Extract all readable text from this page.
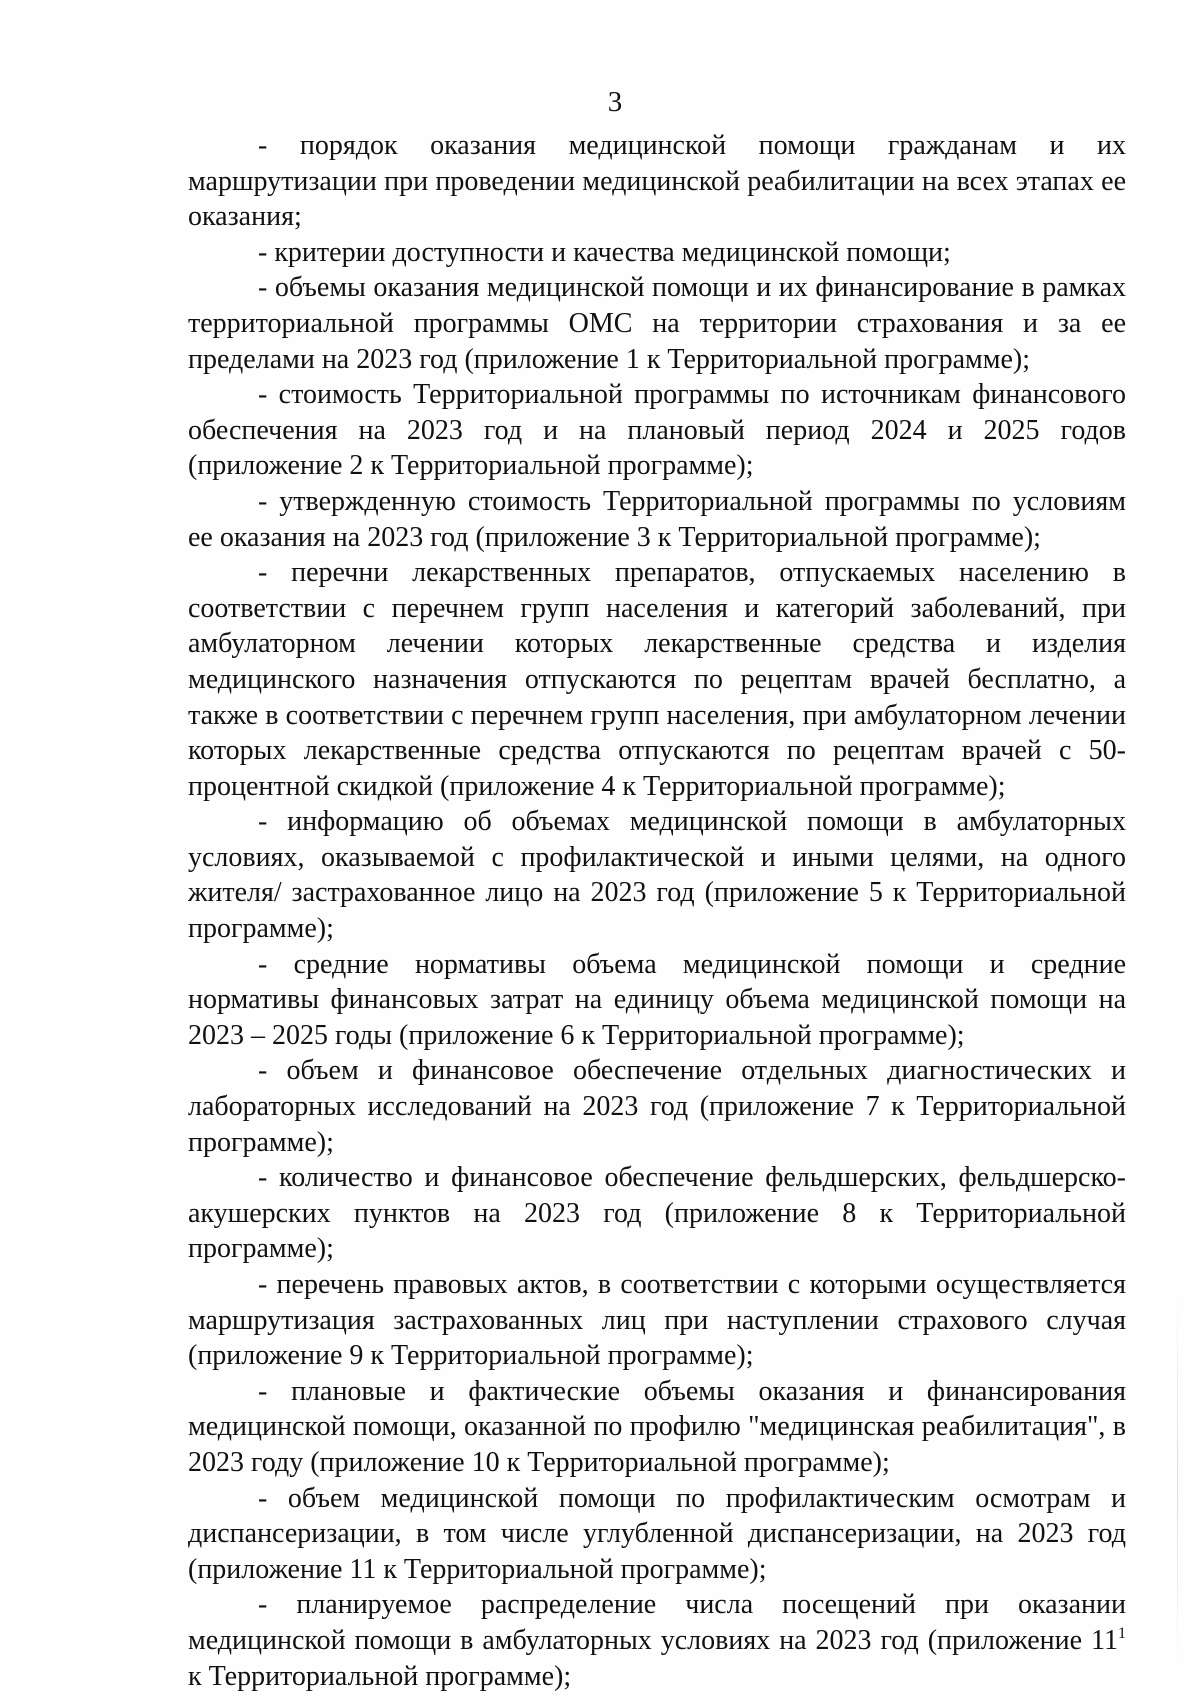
3

- порядок оказания медицинской помощи гражданам и их маршрутизации при проведении медицинской реабилитации на всех этапах ее оказания;

- критерии доступности и качества медицинской помощи;

- объемы оказания медицинской помощи и их финансирование в рамках территориальной программы ОМС на территории страхования и за ее пределами на 2023 год (приложение 1 к Территориальной программе);

- стоимость Территориальной программы по источникам финансового обеспечения на 2023 год и на плановый период 2024 и 2025 годов (приложение 2 к Территориальной программе);

- утвержденную стоимость Территориальной программы по условиям ее оказания на 2023 год (приложение 3 к Территориальной программе);

- перечни лекарственных препаратов, отпускаемых населению в соответствии с перечнем групп населения и категорий заболеваний, при амбулаторном лечении которых лекарственные средства и изделия медицинского назначения отпускаются по рецептам врачей бесплатно, а также в соответствии с перечнем групп населения, при амбулаторном лечении которых лекарственные средства отпускаются по рецептам врачей с 50-процентной скидкой (приложение 4 к Территориальной программе);

- информацию об объемах медицинской помощи в амбулаторных условиях, оказываемой с профилактической и иными целями, на одного жителя/ застрахованное лицо на 2023 год (приложение 5 к Территориальной программе);

- средние нормативы объема медицинской помощи и средние нормативы финансовых затрат на единицу объема медицинской помощи на 2023 – 2025 годы (приложение 6 к Территориальной программе);

- объем и финансовое обеспечение отдельных диагностических и лабораторных исследований на 2023 год (приложение 7 к Территориальной программе);

- количество и финансовое обеспечение фельдшерских, фельдшерско-акушерских пунктов на 2023 год (приложение 8 к Территориальной программе);

- перечень правовых актов, в соответствии с которыми осуществляется маршрутизация застрахованных лиц при наступлении страхового случая (приложение 9 к Территориальной программе);

- плановые и фактические объемы оказания и финансирования медицинской помощи, оказанной по профилю "медицинская реабилитация", в 2023 году (приложение 10 к Территориальной программе);

- объем медицинской помощи по профилактическим осмотрам и диспансеризации, в том числе углубленной диспансеризации, на 2023 год (приложение 11 к Территориальной программе);

- планируемое распределение числа посещений при оказании медицинской помощи в амбулаторных условиях на 2023 год (приложение $11^1$ к Территориальной программе);
